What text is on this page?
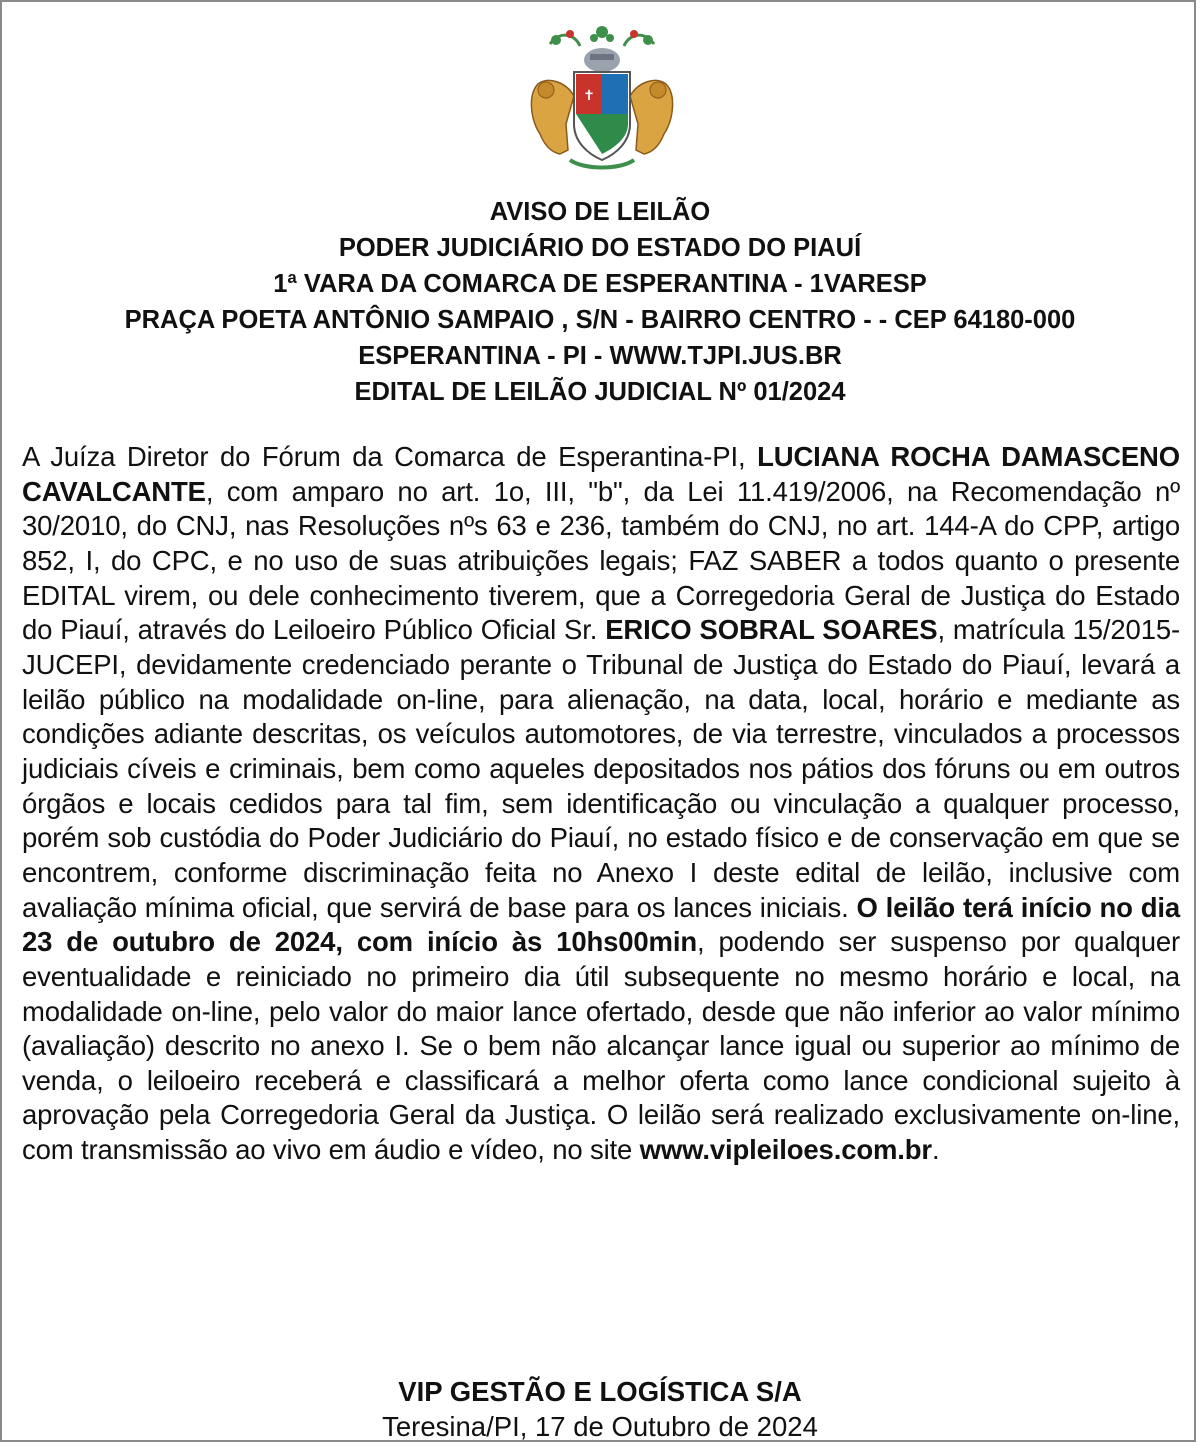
✝
AVISO DE LEILÃO
PODER JUDICIÁRIO DO ESTADO DO PIAUÍ
1ª VARA DA COMARCA DE ESPERANTINA - 1VARESP
PRAÇA POETA ANTÔNIO SAMPAIO , S/N - BAIRRO CENTRO - - CEP 64180-000
ESPERANTINA - PI - WWW.TJPI.JUS.BR
EDITAL DE LEILÃO JUDICIAL Nº 01/2024
A Juíza Diretor do Fórum da Comarca de Esperantina-PI, LUCIANA ROCHA DAMASCENO CAVALCANTE, com amparo no art. 1o, III, "b", da Lei 11.419/2006, na Recomendação nº 30/2010, do CNJ, nas Resoluções nºs 63 e 236, também do CNJ, no art. 144-A do CPP, artigo 852, I, do CPC, e no uso de suas atribuições legais; FAZ SABER a todos quanto o presente EDITAL virem, ou dele conhecimento tiverem, que a Corregedoria Geral de Justiça do Estado do Piauí, através do Leiloeiro Público Oficial Sr. ERICO SOBRAL SOARES, matrícula 15/2015-JUCEPI, devidamente credenciado perante o Tribunal de Justiça do Estado do Piauí, levará a leilão público na modalidade on-line, para alienação, na data, local, horário e mediante as condições adiante descritas, os veículos automotores, de via terrestre, vinculados a processos judiciais cíveis e criminais, bem como aqueles depositados nos pátios dos fóruns ou em outros órgãos e locais cedidos para tal fim, sem identificação ou vinculação a qualquer processo, porém sob custódia do Poder Judiciário do Piauí, no estado físico e de conservação em que se encontrem, conforme discriminação feita no Anexo I deste edital de leilão, inclusive com avaliação mínima oficial, que servirá de base para os lances iniciais. O leilão terá início no dia 23 de outubro de 2024, com início às 10hs00min, podendo ser suspenso por qualquer eventualidade e reiniciado no primeiro dia útil subsequente no mesmo horário e local, na modalidade on-line, pelo valor do maior lance ofertado, desde que não inferior ao valor mínimo (avaliação) descrito no anexo I. Se o bem não alcançar lance igual ou superior ao mínimo de venda, o leiloeiro receberá e classificará a melhor oferta como lance condicional sujeito à aprovação pela Corregedoria Geral da Justiça. O leilão será realizado exclusivamente on-line, com transmissão ao vivo em áudio e vídeo, no site www.vipleiloes.com.br.
VIP GESTÃO E LOGÍSTICA S/A
Teresina/PI, 17 de Outubro de 2024
